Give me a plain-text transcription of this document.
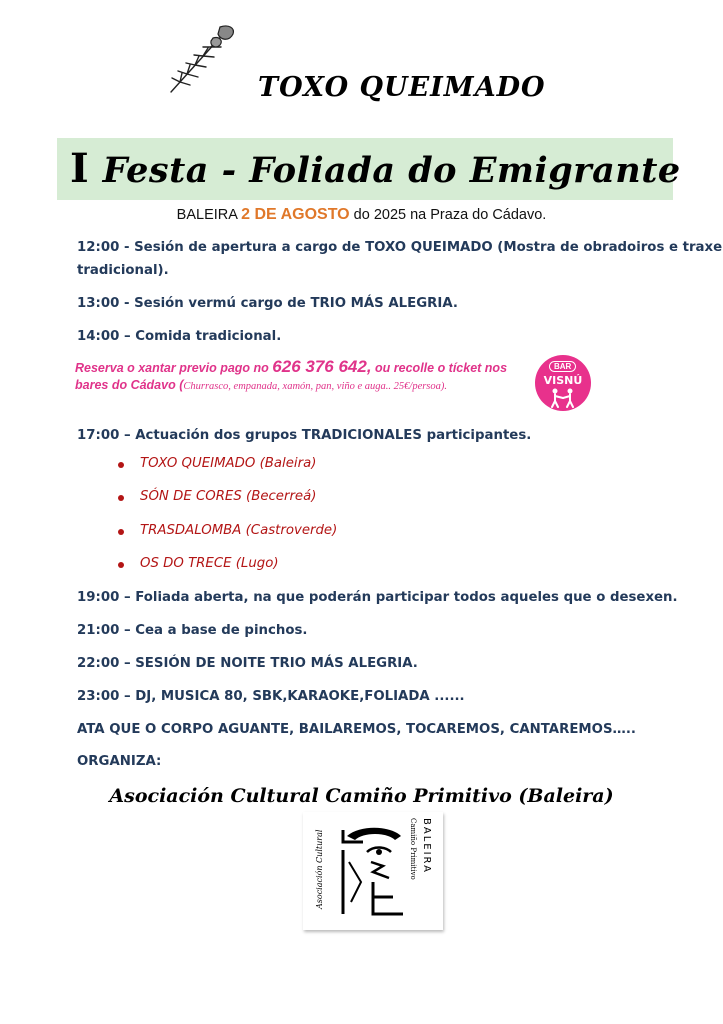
TOXO QUEIMADO
I Festa - Foliada do Emigrante
BALEIRA 2 DE AGOSTO do 2025 na Praza do Cádavo.
12:00 - Sesión de apertura a cargo de TOXO QUEIMADO (Mostra de obradoiros e traxe
tradicional).
13:00 - Sesión vermú cargo de TRIO MÁS ALEGRIA.
14:00 – Comida tradicional.
Reserva o xantar previo pago no 626 376 642, ou recolle o tícket nos
bares do Cádavo (Churrasco, empanada, xamón, pan, viño e auga.. 25€/persoa).
BAR
VISNÚ
17:00 – Actuación dos grupos TRADICIONALES participantes.
TOXO QUEIMADO (Baleira)
SÓN DE CORES (Becerreá)
TRASDALOMBA (Castroverde)
OS DO TRECE (Lugo)
19:00 – Foliada aberta, na que poderán participar todos aqueles que o desexen.
21:00 – Cea a base de pinchos.
22:00 – SESIÓN DE NOITE TRIO MÁS ALEGRIA.
23:00 – DJ, MUSICA 80, SBK,KARAOKE,FOLIADA ......
ATA QUE O CORPO AGUANTE, BAILAREMOS, TOCAREMOS, CANTAREMOS…..
ORGANIZA:
Asociación Cultural Camiño Primitivo (Baleira)
Asociación Cultural	Camiño Primitivo BALEIRA
